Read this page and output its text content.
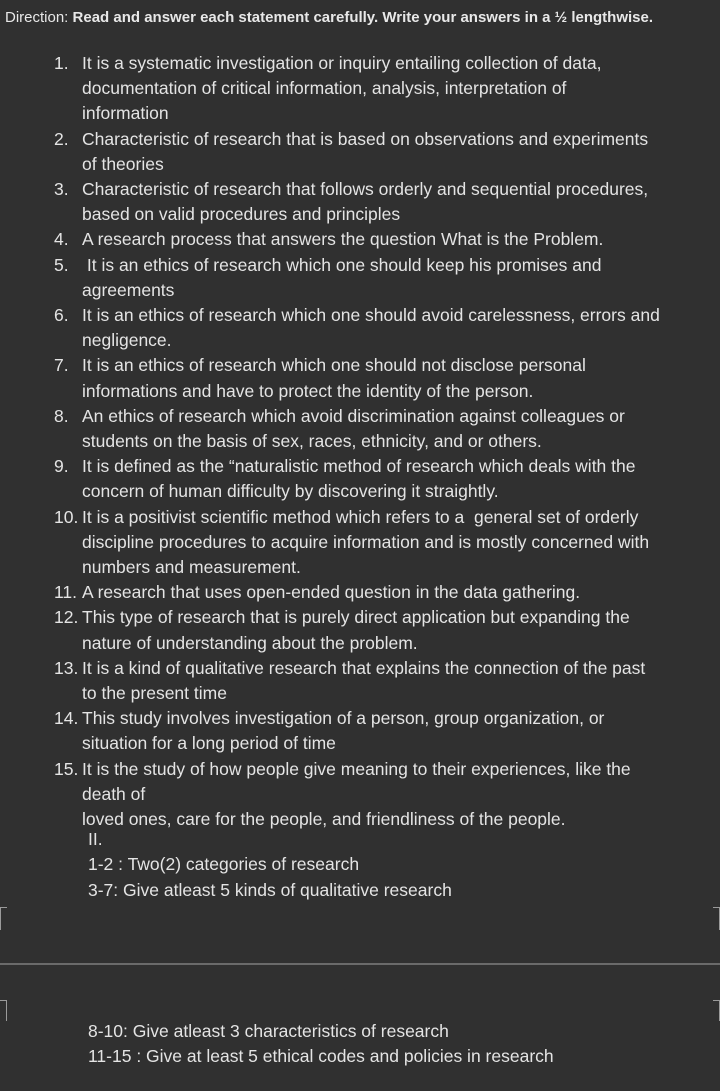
Direction: Read and answer each statement carefully. Write your answers in a ½ lengthwise.
1. It is a systematic investigation or inquiry entailing collection of data,
documentation of critical information, analysis, interpretation of
information
2. Characteristic of research that is based on observations and experiments
of theories
3. Characteristic of research that follows orderly and sequential procedures,
based on valid procedures and principles
4. A research process that answers the question What is the Problem.
5. It is an ethics of research which one should keep his promises and
agreements
6. It is an ethics of research which one should avoid carelessness, errors and
negligence.
7. It is an ethics of research which one should not disclose personal
informations and have to protect the identity of the person.
8. An ethics of research which avoid discrimination against colleagues or
students on the basis of sex, races, ethnicity, and or others.
9. It is defined as the “naturalistic method of research which deals with the
concern of human difficulty by discovering it straightly.
10. It is a positivist scientific method which refers to a  general set of orderly
discipline procedures to acquire information and is mostly concerned with
numbers and measurement.
11. A research that uses open-ended question in the data gathering.
12. This type of research that is purely direct application but expanding the
nature of understanding about the problem.
13. It is a kind of qualitative research that explains the connection of the past
to the present time
14. This study involves investigation of a person, group organization, or
situation for a long period of time
15. It is the study of how people give meaning to their experiences, like the
death of
loved ones, care for the people, and friendliness of the people.
II.
1-2 : Two(2) categories of research
3-7: Give atleast 5 kinds of qualitative research
8-10: Give atleast 3 characteristics of research
11-15 : Give at least 5 ethical codes and policies in research
